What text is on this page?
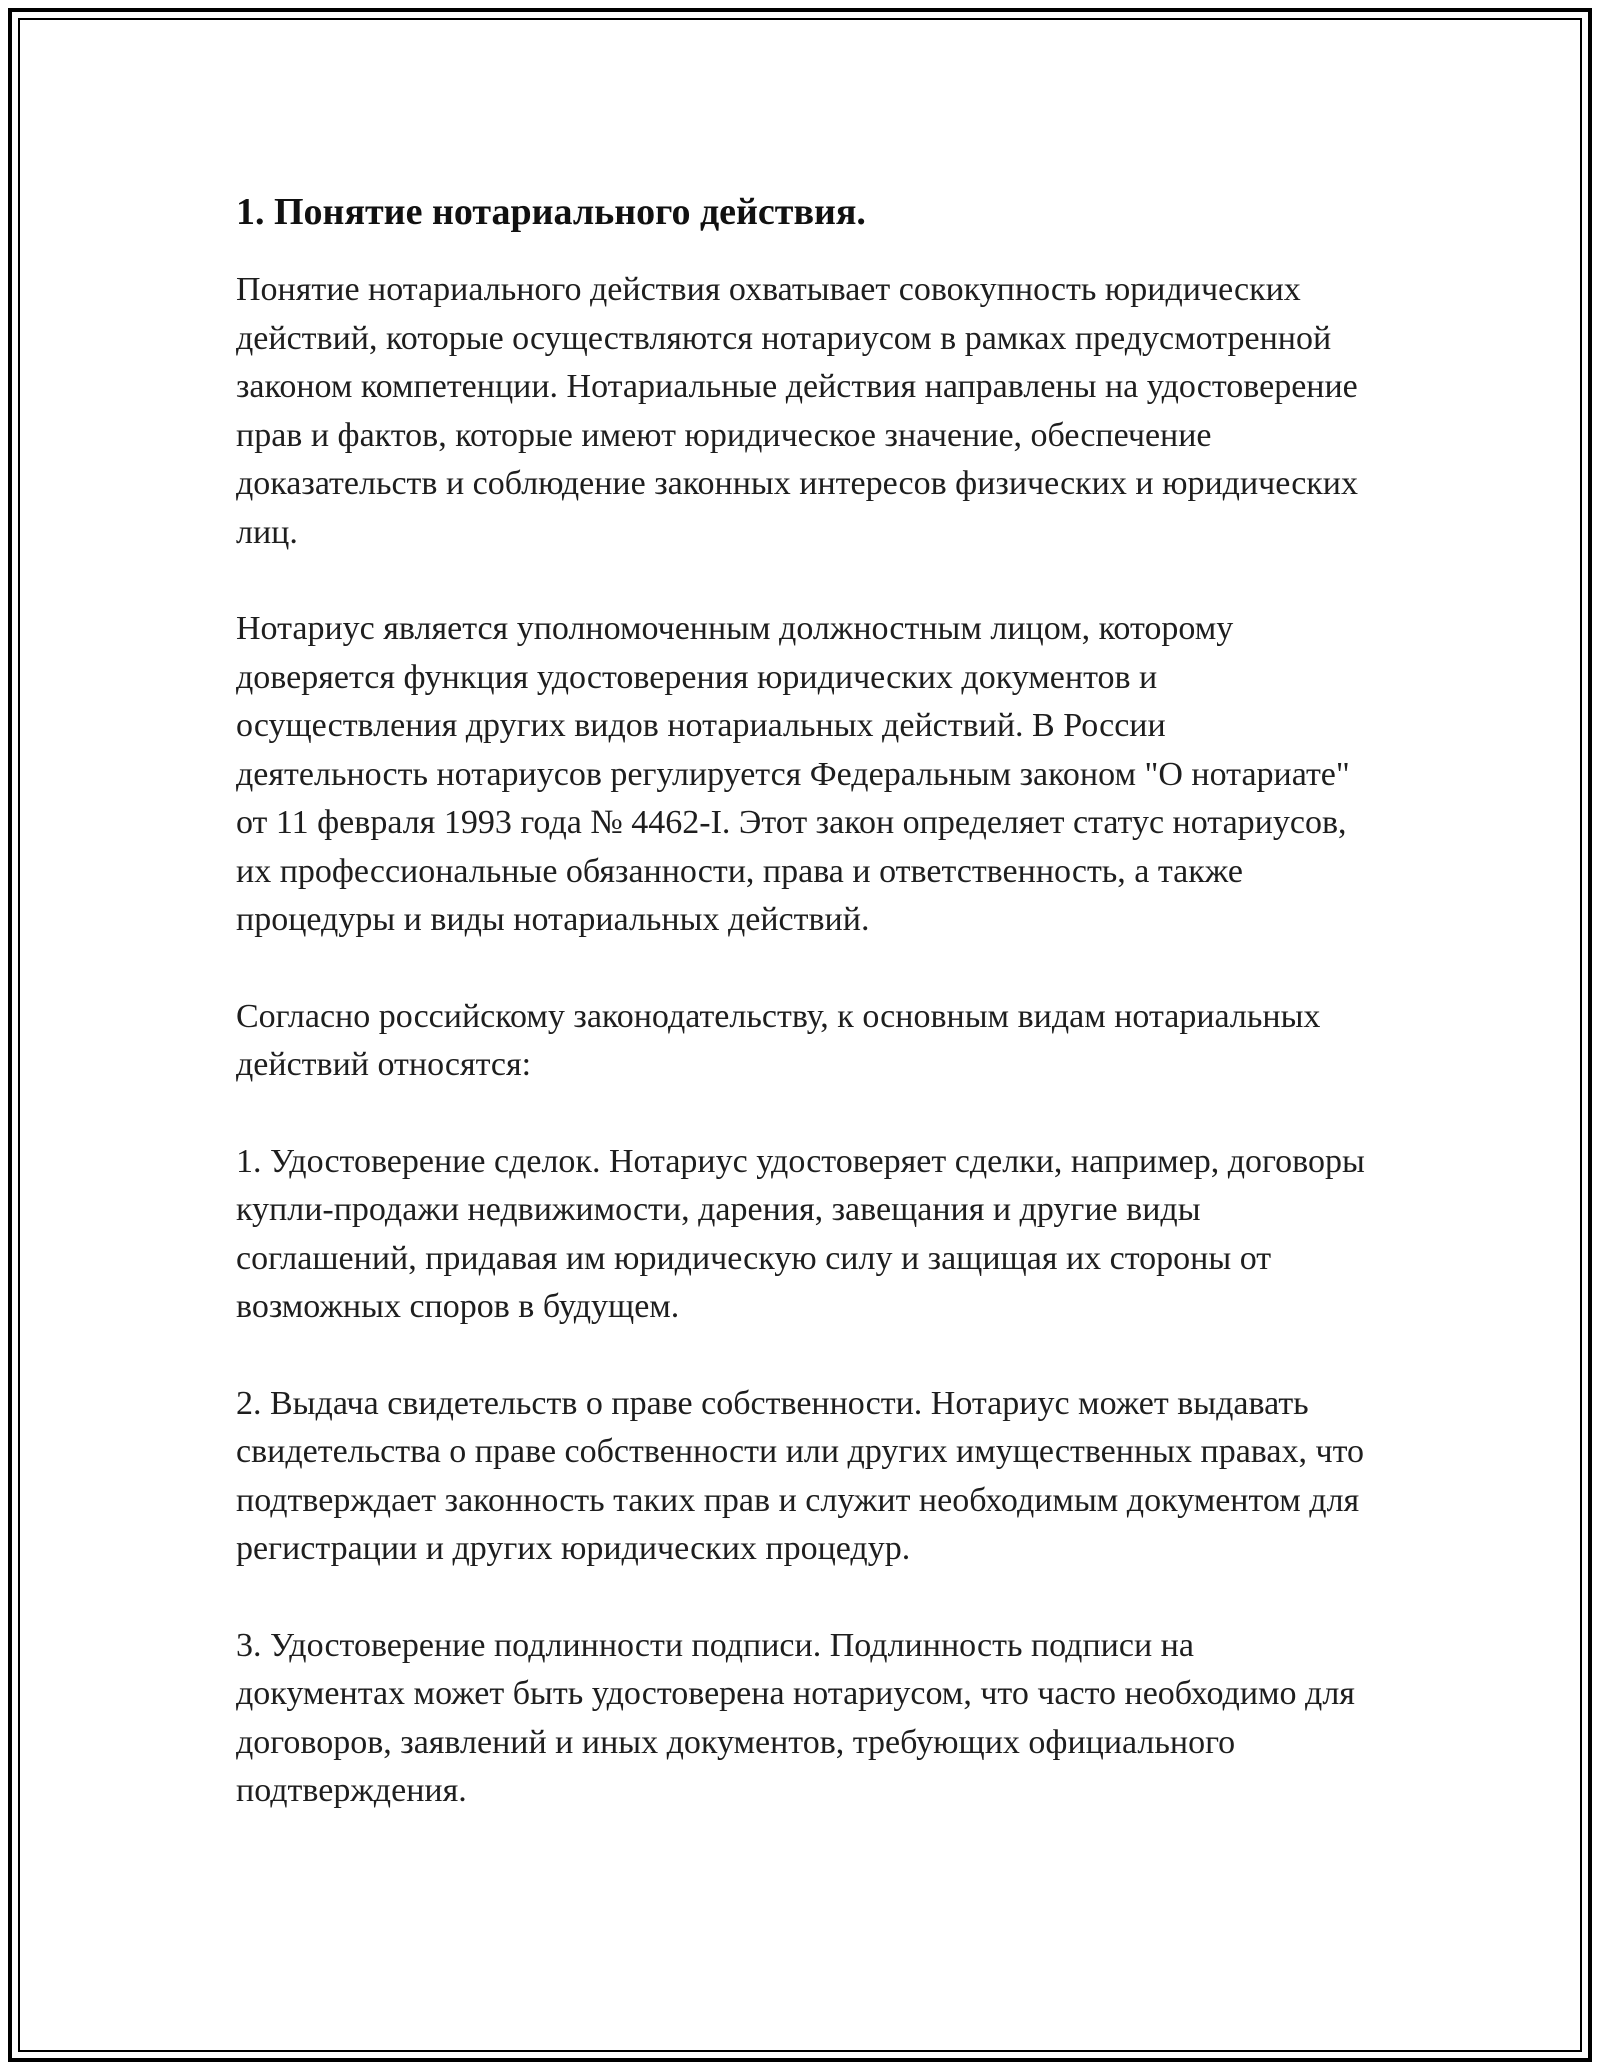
1. Понятие нотариального действия.

Понятие нотариального действия охватывает совокупность юридических действий, которые осуществляются нотариусом в рамках предусмотренной законом компетенции. Нотариальные действия направлены на удостоверение прав и фактов, которые имеют юридическое значение, обеспечение доказательств и соблюдение законных интересов физических и юридических лиц.

Нотариус является уполномоченным должностным лицом, которому доверяется функция удостоверения юридических документов и осуществления других видов нотариальных действий. В России деятельность нотариусов регулируется Федеральным законом "О нотариате" от 11 февраля 1993 года № 4462-I. Этот закон определяет статус нотариусов, их профессиональные обязанности, права и ответственность, а также процедуры и виды нотариальных действий.

Согласно российскому законодательству, к основным видам нотариальных действий относятся:

1. Удостоверение сделок. Нотариус удостоверяет сделки, например, договоры купли-продажи недвижимости, дарения, завещания и другие виды соглашений, придавая им юридическую силу и защищая их стороны от возможных споров в будущем.

2. Выдача свидетельств о праве собственности. Нотариус может выдавать свидетельства о праве собственности или других имущественных правах, что подтверждает законность таких прав и служит необходимым документом для регистрации и других юридических процедур.

3. Удостоверение подлинности подписи. Подлинность подписи на документах может быть удостоверена нотариусом, что часто необходимо для договоров, заявлений и иных документов, требующих официального подтверждения.
